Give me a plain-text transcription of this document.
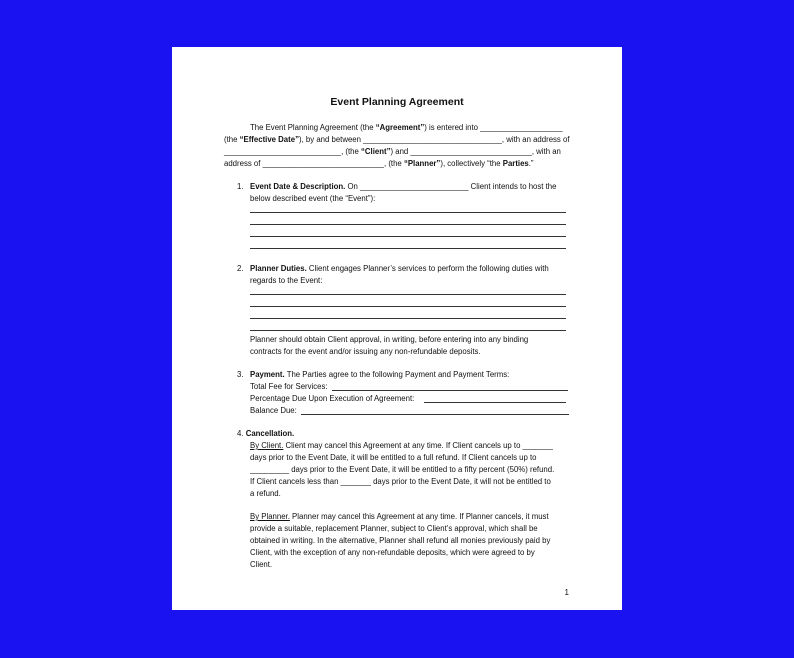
Event Planning Agreement
The Event Planning Agreement (the “Agreement”) is entered into ___________________
(the “Effective Date”), by and between ________________________________, with an address of
___________________________, (the “Client”) and ____________________________, with an
address of ____________________________, (the “Planner”), collectively “the Parties.”
1. Event Date & Description. On _________________________ Client intends to host the
below described event (the “Event”):
2. Planner Duties. Client engages Planner’s services to perform the following duties with
regards to the Event:
Planner should obtain Client approval, in writing, before entering into any binding
contracts for the event and/or issuing any non-refundable deposits.
3. Payment. The Parties agree to the following Payment and Payment Terms:
Total Fee for Services:
Percentage Due Upon Execution of Agreement:
Balance Due:
4. Cancellation.
By Client. Client may cancel this Agreement at any time. If Client cancels up to _______
days prior to the Event Date, it will be entitled to a full refund. If Client cancels up to
_________ days prior to the Event Date, it will be entitled to a fifty percent (50%) refund.
If Client cancels less than _______ days prior to the Event Date, it will not be entitled to
a refund.
By Planner. Planner may cancel this Agreement at any time. If Planner cancels, it must
provide a suitable, replacement Planner, subject to Client’s approval, which shall be
obtained in writing. In the alternative, Planner shall refund all monies previously paid by
Client, with the exception of any non-refundable deposits, which were agreed to by
Client.
1
